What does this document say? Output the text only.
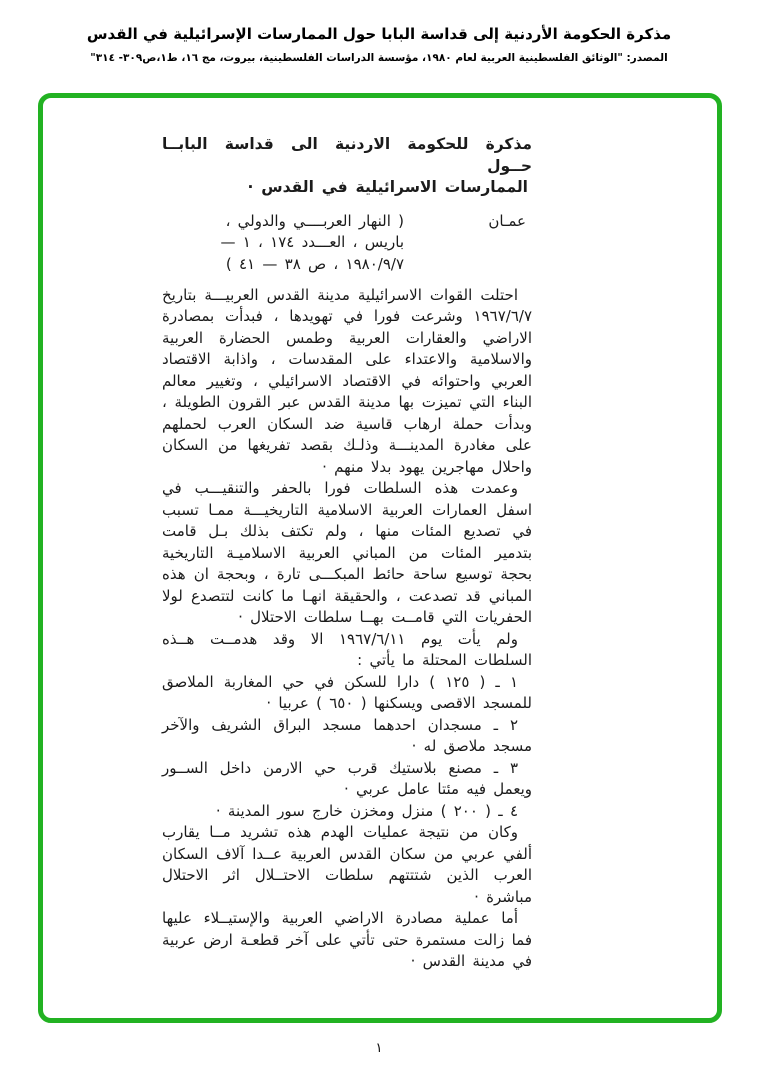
مذكرة الحكومة الأردنية إلى قداسة البابا حول الممارسات الإسرائيلية في القدس
المصدر: "الوثائق الفلسطينية العربية لعام ١٩٨٠، مؤسسة الدراسات الفلسطينية، بيروت، مج ١٦، ط١،ص٣٠٩- ٣١٤"
مذكرة للحكومة الاردنية الى قداسة البابــا حــول
الممارسات الاسرائيلية في القدس ·
عمـان
( النهار العربــــي والدولي ،
باريس ، العـــدد ١٧٤ ، ١ —
١٩٨٠/٩/٧ ، ص ٣٨ — ٤١ )

احتلت القوات الاسرائيلية مدينة القدس العربيـــة بتاريخ ١٩٦٧/٦/٧ وشرعت فورا في تهويدها ، فبدأت بمصادرة الاراضي والعقارات العربية وطمس الحضارة العربية والاسلامية والاعتداء على المقدسات ، واذابة الاقتصاد العربي واحتوائه في الاقتصاد الاسرائيلي ، وتغيير معالم البناء التي تميزت بها مدينة القدس عبر القرون الطويلة ، وبدأت حملة ارهاب قاسية ضد السكان العرب لحملهم على مغادرة المدينـــة وذلـك بقصد تفريغها من السكان واحلال مهاجرين يهود بدلا منهم ·

وعمدت هذه السلطات فورا بالحفر والتنقيـــب في اسفل العمارات العربية الاسلامية التاريخيـــة ممـا تسبب في تصديع المئات منها ، ولم تكتف بذلك بـل قامت بتدمير المئات من المباني العربية الاسلاميـة التاريخية بحجة توسيع ساحة حائط المبكـــى تارة ، وبحجة ان هذه المباني قد تصدعت ، والحقيقة انهـا ما كانت لتتصدع لولا الحفريات التي قامــت بهــا سلطات الاحتلال ·

ولم يأت يوم ١٩٦٧/٦/١١ الا وقد هدمــت هــذه السلطات المحتلة ما يأتي :

١ ـ ( ١٢٥ ) دارا للسكن في حي المغاربة الملاصق للمسجد الاقصى ويسكنها ( ٦٥٠ ) عربيا ·

٢ ـ مسجدان احدهما مسجد البراق الشريف والآخر مسجد ملاصق له ·

٣ ـ مصنع بلاستيك قرب حي الارمن داخل الســور ويعمل فيه مئتا عامل عربي ·

٤ ـ ( ٢٠٠ ) منزل ومخزن خارج سور المدينة ·

وكان من نتيجة عمليات الهدم هذه تشريد مــا يقارب ألفي عربي من سكان القدس العربية عــدا آلاف السكان العرب الذين شتتتهم سلطات الاحتــلال اثر الاحتلال مباشرة ·

أما عملية مصادرة الاراضي العربية والإستيــلاء عليها فما زالت مستمرة حتى تأتي على آخر قطعـة ارض عربية في مدينة القدس ·

١
